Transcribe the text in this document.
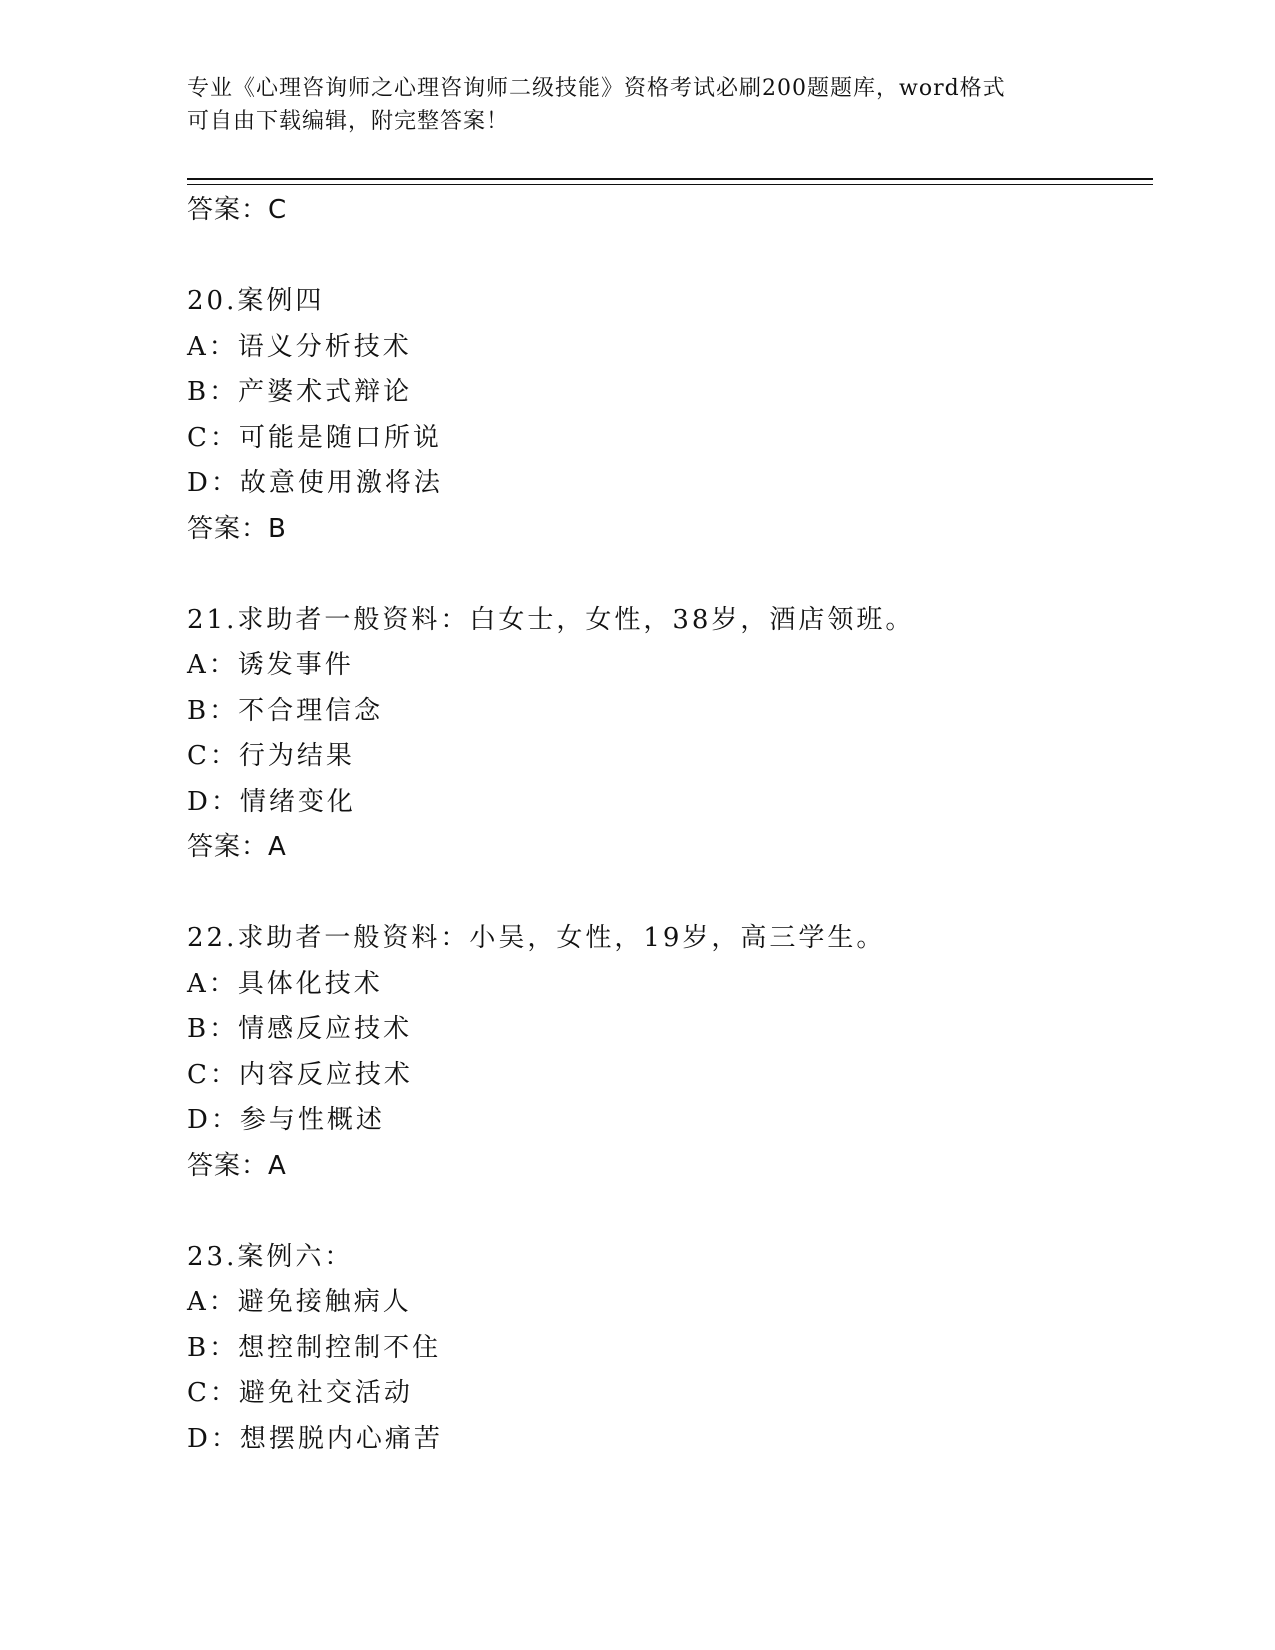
专业《心理咨询师之心理咨询师二级技能》资格考试必刷200题题库，word格式
可自由下载编辑，附完整答案！
答案：C
20.案例四
A：语义分析技术
B：产婆术式辩论
C：可能是随口所说
D：故意使用激将法
答案：B
21.求助者一般资料：白女士，女性，38岁，酒店领班。
A：诱发事件
B：不合理信念
C：行为结果
D：情绪变化
答案：A
22.求助者一般资料：小吴，女性，19岁，高三学生。
A：具体化技术
B：情感反应技术
C：内容反应技术
D：参与性概述
答案：A
23.案例六：
A：避免接触病人
B：想控制控制不住
C：避免社交活动
D：想摆脱内心痛苦
